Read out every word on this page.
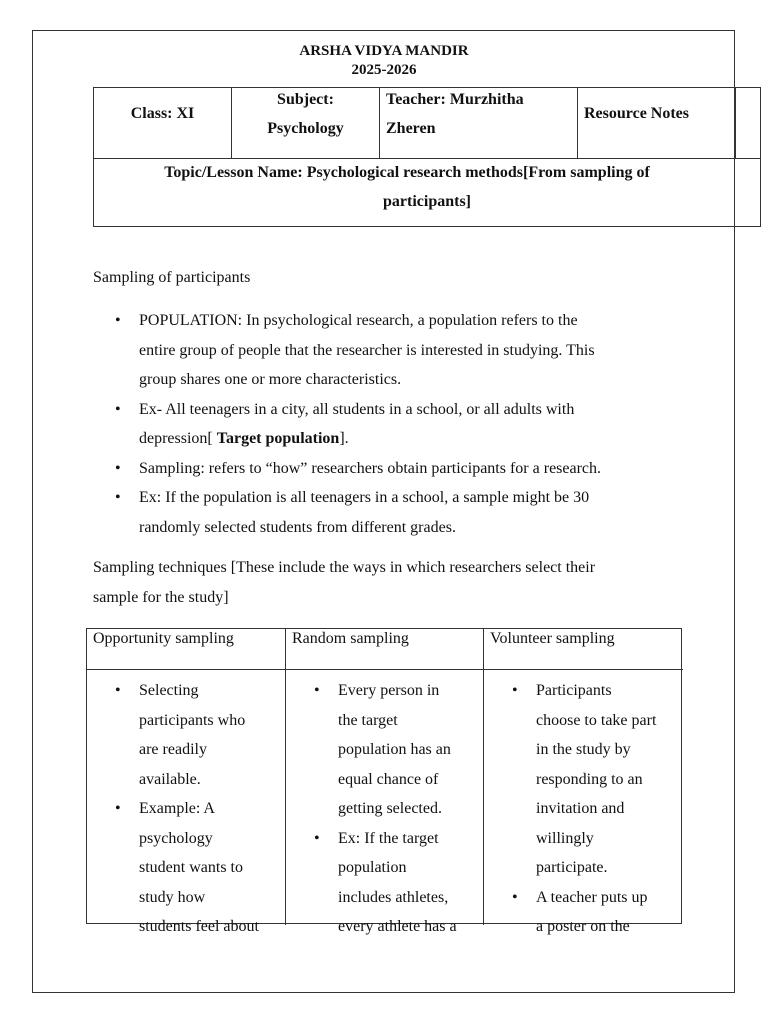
ARSHA VIDYA MANDIR
2025-2026
Class: XI
Subject:
Psychology
Teacher: Murzhitha
Zheren
Resource Notes
Topic/Lesson Name: Psychological research methods[From sampling of
participants]
Sampling of participants
• POPULATION: In psychological research, a population refers to the
entire group of people that the researcher is interested in studying. This
group shares one or more characteristics.
• Ex- All teenagers in a city, all students in a school, or all adults with
depression[ Target population].
• Sampling: refers to “how” researchers obtain participants for a research.
• Ex: If the population is all teenagers in a school, a sample might be 30
randomly selected students from different grades.
Sampling techniques [These include the ways in which researchers select their
sample for the study]
Opportunity sampling
• Selecting
participants who
are readily
available.
• Example: A
psychology
student wants to
study how
students feel about
Random sampling
• Every person in
the target
population has an
equal chance of
getting selected.
• Ex: If the target
population
includes athletes,
every athlete has a
Volunteer sampling
• Participants
choose to take part
in the study by
responding to an
invitation and
willingly
participate.
• A teacher puts up
a poster on the
